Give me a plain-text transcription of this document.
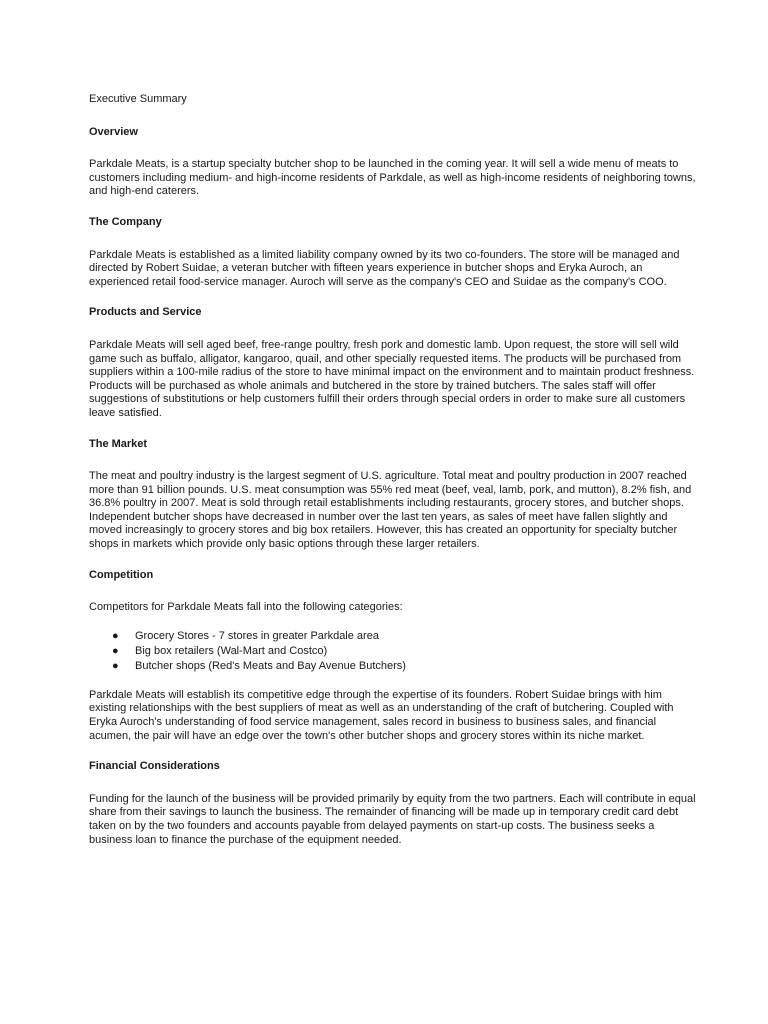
Executive Summary

Overview

Parkdale Meats, is a startup specialty butcher shop to be launched in the coming year. It will sell a wide menu of meats to customers including medium- and high-income residents of Parkdale, as well as high-income residents of neighboring towns, and high-end caterers.

The Company

Parkdale Meats is established as a limited liability company owned by its two co-founders. The store will be managed and directed by Robert Suidae, a veteran butcher with fifteen years experience in butcher shops and Eryka Auroch, an experienced retail food-service manager. Auroch will serve as the company's CEO and Suidae as the company's COO.

Products and Service

Parkdale Meats will sell aged beef, free-range poultry, fresh pork and domestic lamb. Upon request, the store will sell wild game such as buffalo, alligator, kangaroo, quail, and other specially requested items. The products will be purchased from suppliers within a 100-mile radius of the store to have minimal impact on the environment and to maintain product freshness. Products will be purchased as whole animals and butchered in the store by trained butchers. The sales staff will offer suggestions of substitutions or help customers fulfill their orders through special orders in order to make sure all customers leave satisfied.

The Market

The meat and poultry industry is the largest segment of U.S. agriculture. Total meat and poultry production in 2007 reached more than 91 billion pounds. U.S. meat consumption was 55% red meat (beef, veal, lamb, pork, and mutton), 8.2% fish, and 36.8% poultry in 2007. Meat is sold through retail establishments including restaurants, grocery stores, and butcher shops. Independent butcher shops have decreased in number over the last ten years, as sales of meet have fallen slightly and moved increasingly to grocery stores and big box retailers. However, this has created an opportunity for specialty butcher shops in markets which provide only basic options through these larger retailers.

Competition

Competitors for Parkdale Meats fall into the following categories:

● Grocery Stores - 7 stores in greater Parkdale area
● Big box retailers (Wal-Mart and Costco)
● Butcher shops (Red's Meats and Bay Avenue Butchers)

Parkdale Meats will establish its competitive edge through the expertise of its founders. Robert Suidae brings with him existing relationships with the best suppliers of meat as well as an understanding of the craft of butchering. Coupled with Eryka Auroch's understanding of food service management, sales record in business to business sales, and financial acumen, the pair will have an edge over the town's other butcher shops and grocery stores within its niche market.

Financial Considerations

Funding for the launch of the business will be provided primarily by equity from the two partners. Each will contribute in equal share from their savings to launch the business. The remainder of financing will be made up in temporary credit card debt taken on by the two founders and accounts payable from delayed payments on start-up costs. The business seeks a business loan to finance the purchase of the equipment needed.
